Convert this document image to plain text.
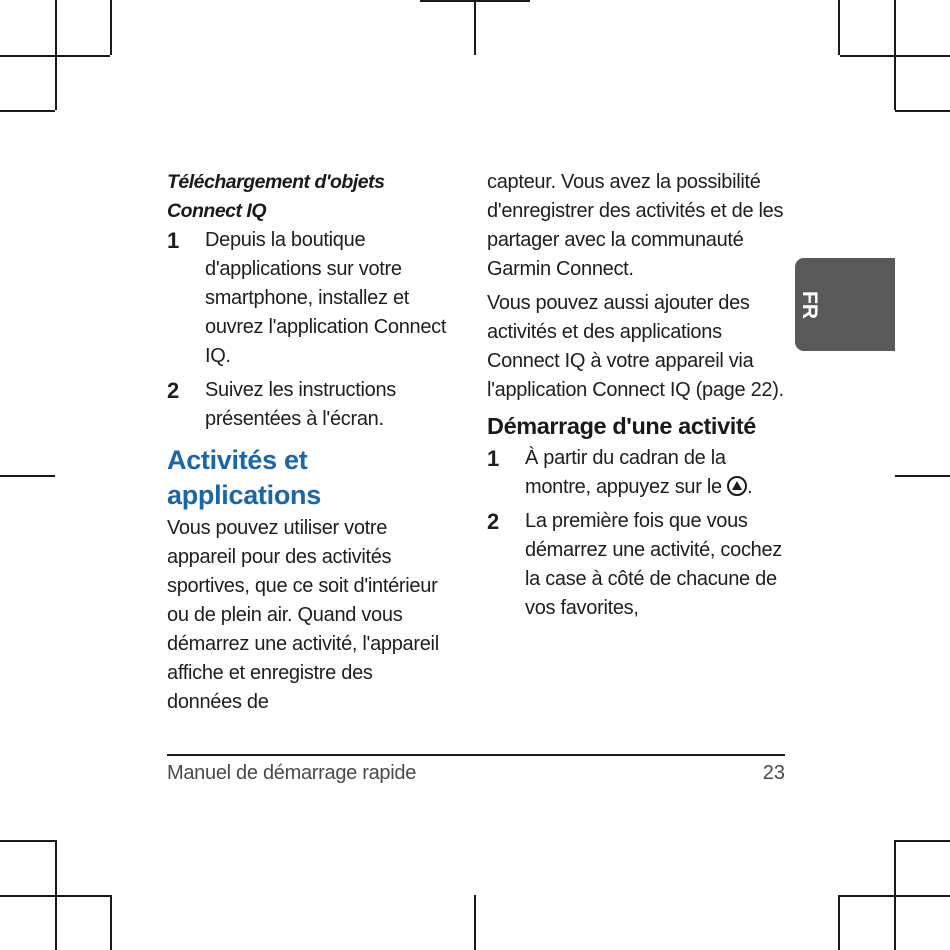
Téléchargement d'objets Connect IQ
1 Depuis la boutique d'applications sur votre smartphone, installez et ouvrez l'application Connect IQ.
2 Suivez les instructions présentées à l'écran.
Activités et
applications

Vous pouvez utiliser votre appareil pour des activités sportives, que ce soit d'intérieur ou de plein air. Quand vous démarrez une activité, l'appareil affiche et enregistre des données de

capteur. Vous avez la possibilité d'enregistrer des activités et de les partager avec la communauté Garmin Connect.

Vous pouvez aussi ajouter des activités et des applications Connect IQ à votre appareil via l'application Connect IQ (page 22).

Démarrage d'une activité
1 À partir du cadran de la montre, appuyez sur le .
2 La première fois que vous démarrez une activité, cochez la case à côté de chacune de vos favorites,
FR
Manuel de démarrage rapide	23
